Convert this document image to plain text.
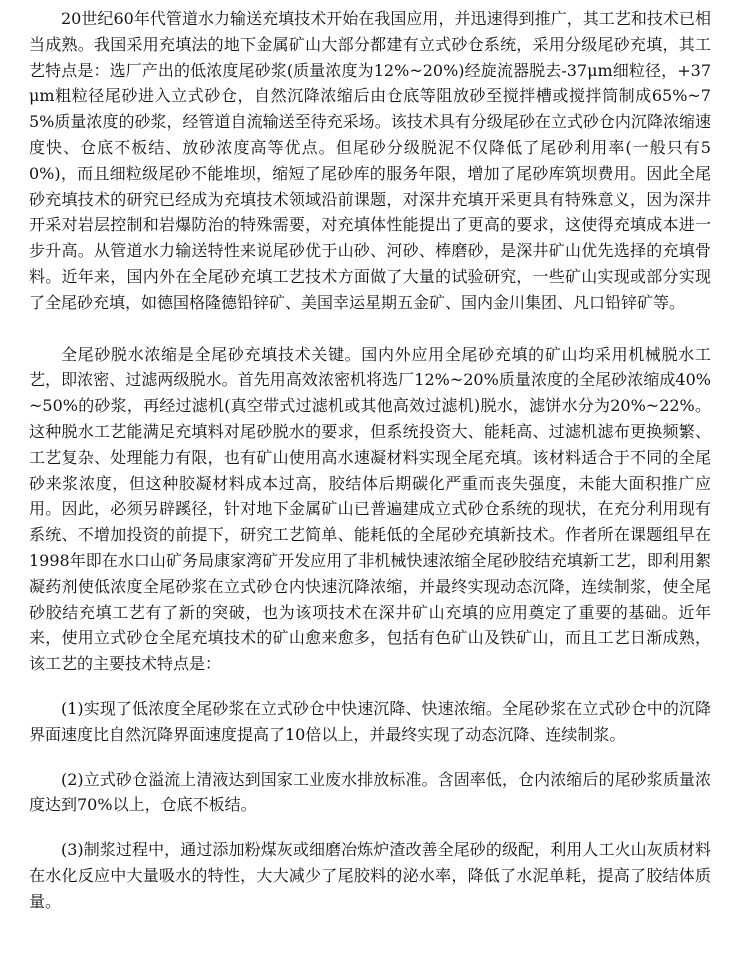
20世纪60年代管道水力输送充填技术开始在我国应用，并迅速得到推广，其工艺和技术已相当成熟。我国采用充填法的地下金属矿山大部分都建有立式砂仓系统，采用分级尾砂充填，其工艺特点是：选厂产出的低浓度尾砂浆(质量浓度为12%~20%)经旋流器脱去-37μm细粒径，+37μm粗粒径尾砂进入立式砂仓，自然沉降浓缩后由仓底等阻放砂至搅拌槽或搅拌筒制成65%~75%质量浓度的砂浆，经管道自流输送至待充采场。该技术具有分级尾砂在立式砂仓内沉降浓缩速度快、仓底不板结、放砂浓度高等优点。但尾砂分级脱泥不仅降低了尾砂利用率(一般只有50%)，而且细粒级尾砂不能堆坝，缩短了尾砂库的服务年限，增加了尾砂库筑坝费用。因此全尾砂充填技术的研究已经成为充填技术领域沿前课题，对深井充填开采更具有特殊意义，因为深井开采对岩层控制和岩爆防治的特殊需要，对充填体性能提出了更高的要求，这使得充填成本进一步升高。从管道水力输送特性来说尾砂优于山砂、河砂、棒磨砂，是深井矿山优先选择的充填骨料。近年来，国内外在全尾砂充填工艺技术方面做了大量的试验研究，一些矿山实现或部分实现了全尾砂充填，如德国格隆德铅锌矿、美国幸运星期五金矿、国内金川集团、凡口铅锌矿等。

全尾砂脱水浓缩是全尾砂充填技术关键。国内外应用全尾砂充填的矿山均采用机械脱水工艺，即浓密、过滤两级脱水。首先用高效浓密机将选厂12%~20%质量浓度的全尾砂浓缩成40%~50%的砂浆，再经过滤机(真空带式过滤机或其他高效过滤机)脱水，滤饼水分为20%~22%。这种脱水工艺能满足充填料对尾砂脱水的要求，但系统投资大、能耗高、过滤机滤布更换频繁、工艺复杂、处理能力有限，也有矿山使用高水速凝材料实现全尾充填。该材料适合于不同的全尾砂来浆浓度，但这种胶凝材料成本过高，胶结体后期碳化严重而丧失强度，未能大面积推广应用。因此，必须另辟蹊径，针对地下金属矿山已普遍建成立式砂仓系统的现状，在充分利用现有系统、不增加投资的前提下，研究工艺简单、能耗低的全尾砂充填新技术。作者所在课题组早在1998年即在水口山矿务局康家湾矿开发应用了非机械快速浓缩全尾砂胶结充填新工艺，即利用絮凝药剂使低浓度全尾砂浆在立式砂仓内快速沉降浓缩，并最终实现动态沉降，连续制浆，使全尾砂胶结充填工艺有了新的突破，也为该项技术在深井矿山充填的应用奠定了重要的基础。近年来，使用立式砂仓全尾充填技术的矿山愈来愈多，包括有色矿山及铁矿山，而且工艺日渐成熟，该工艺的主要技术特点是：

(1)实现了低浓度全尾砂浆在立式砂仓中快速沉降、快速浓缩。全尾砂浆在立式砂仓中的沉降界面速度比自然沉降界面速度提高了10倍以上，并最终实现了动态沉降、连续制浆。

(2)立式砂仓溢流上清液达到国家工业废水排放标准。含固率低，仓内浓缩后的尾砂浆质量浓度达到70%以上，仓底不板结。

(3)制浆过程中，通过添加粉煤灰或细磨冶炼炉渣改善全尾砂的级配，利用人工火山灰质材料在水化反应中大量吸水的特性，大大减少了尾胶料的泌水率，降低了水泥单耗，提高了胶结体质量。
